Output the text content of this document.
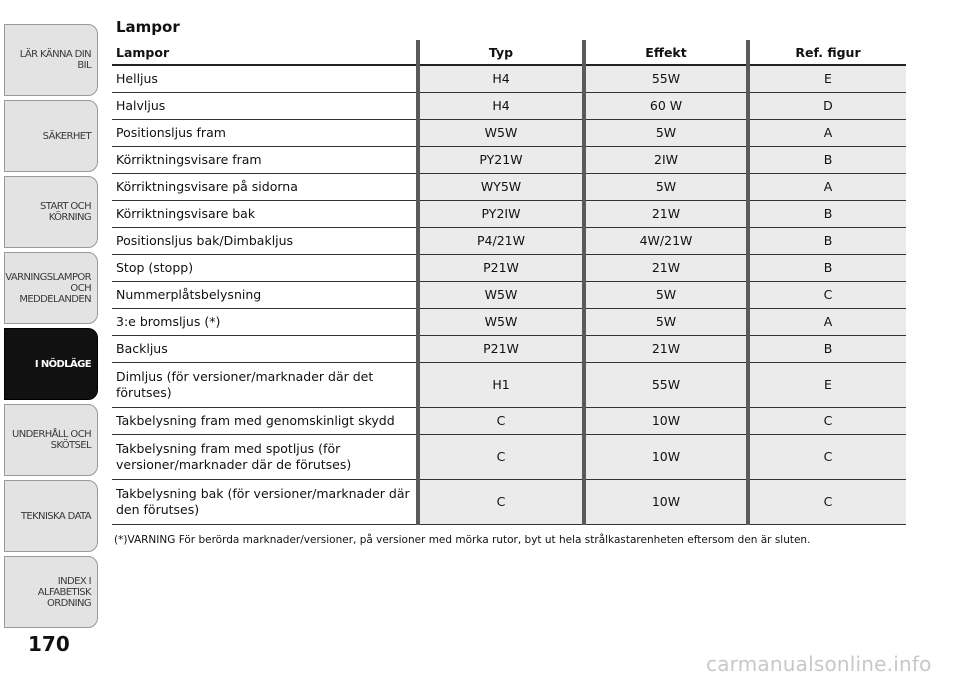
LÄR KÄNNA DIN BIL
SÄKERHET
START OCH
KÖRNING
VARNINGSLAMPOR
OCH
MEDDELANDEN
I NÖDLÄGE
UNDERHÅLL OCH
SKÖTSEL
TEKNISKA DATA
INDEX I ALFABETISK
ORDNING
170
Lampor
Lampor	Typ	Effekt	Ref. figur
Helljus	H4	55W	E
Halvljus	H4	60 W	D
Positionsljus fram	W5W	5W	A
Körriktningsvisare fram	PY21W	2IW	B
Körriktningsvisare på sidorna	WY5W	5W	A
Körriktningsvisare bak	PY2IW	21W	B
Positionsljus bak/Dimbakljus	P4/21W	4W/21W	B
Stop (stopp)	P21W	21W	B
Nummerplåtsbelysning	W5W	5W	C
3:e bromsljus (*)	W5W	5W	A
Backljus	P21W	21W	B
Dimljus (för versioner/marknader där det förutses)	H1	55W	E
Takbelysning fram med genomskinligt skydd	C	10W	C
Takbelysning fram med spotljus (för versioner/marknader där de förutses)	C	10W	C
Takbelysning bak (för versioner/marknader där den förutses)	C	10W	C
(*)VARNING För berörda marknader/versioner, på versioner med mörka rutor, byt ut hela strålkastarenheten eftersom den är sluten.
carmanualsonline.info
